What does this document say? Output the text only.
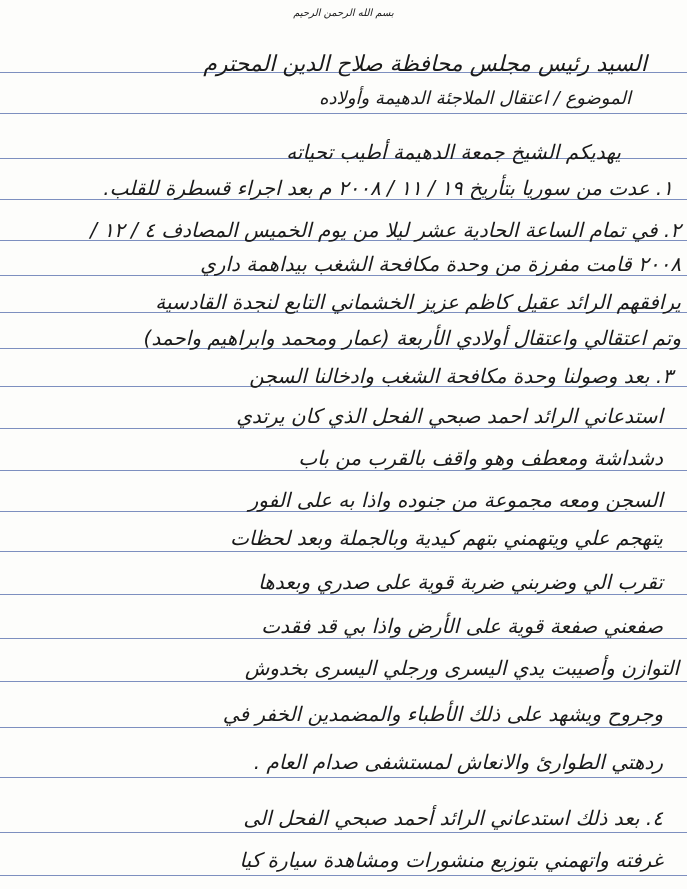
بسم الله الرحمن الرحيم
السيد رئيس مجلس محافظة صلاح الدين المحترم
الموضوع / اعتقال الملاجئة الدهيمة وأولاده
يهديكم الشيخ جمعة الدهيمة أطيب تحياته
١. عدت من سوريا بتأريخ ١٩ / ١١ / ٢٠٠٨ م بعد اجراء قسطرة للقلب.
٢. في تمام الساعة الحادية عشر ليلا من يوم الخميس المصادف ٤ / ١٢ /
٢٠٠٨ قامت مفرزة من وحدة مكافحة الشغب بيداهمة داري
يرافقهم الرائد عقيل كاظم عزيز الخشماني التابع لنجدة القادسية
وتم اعتقالي واعتقال أولادي الأربعة (عمار ومحمد وابراهيم واحمد)
٣. بعد وصولنا وحدة مكافحة الشغب وادخالنا السجن
استدعاني الرائد احمد صبحي الفحل الذي كان يرتدي
دشداشة ومعطف وهو واقف بالقرب من باب
السجن ومعه مجموعة من جنوده واذا به على الفور
يتهجم علي ويتهمني بتهم كيدية وبالجملة وبعد لحظات
تقرب الي وضربني ضربة قوية على صدري وبعدها
صفعني صفعة قوية على الأرض واذا بي قد فقدت
التوازن وأصيبت يدي اليسرى ورجلي اليسرى بخدوش
وجروح ويشهد على ذلك الأطباء والمضمدين الخفر في
ردهتي الطوارئ والانعاش لمستشفى صدام العام .
٤. بعد ذلك استدعاني الرائد أحمد صبحي الفحل الى
غرفته واتهمني بتوزيع منشورات ومشاهدة سيارة كيا
